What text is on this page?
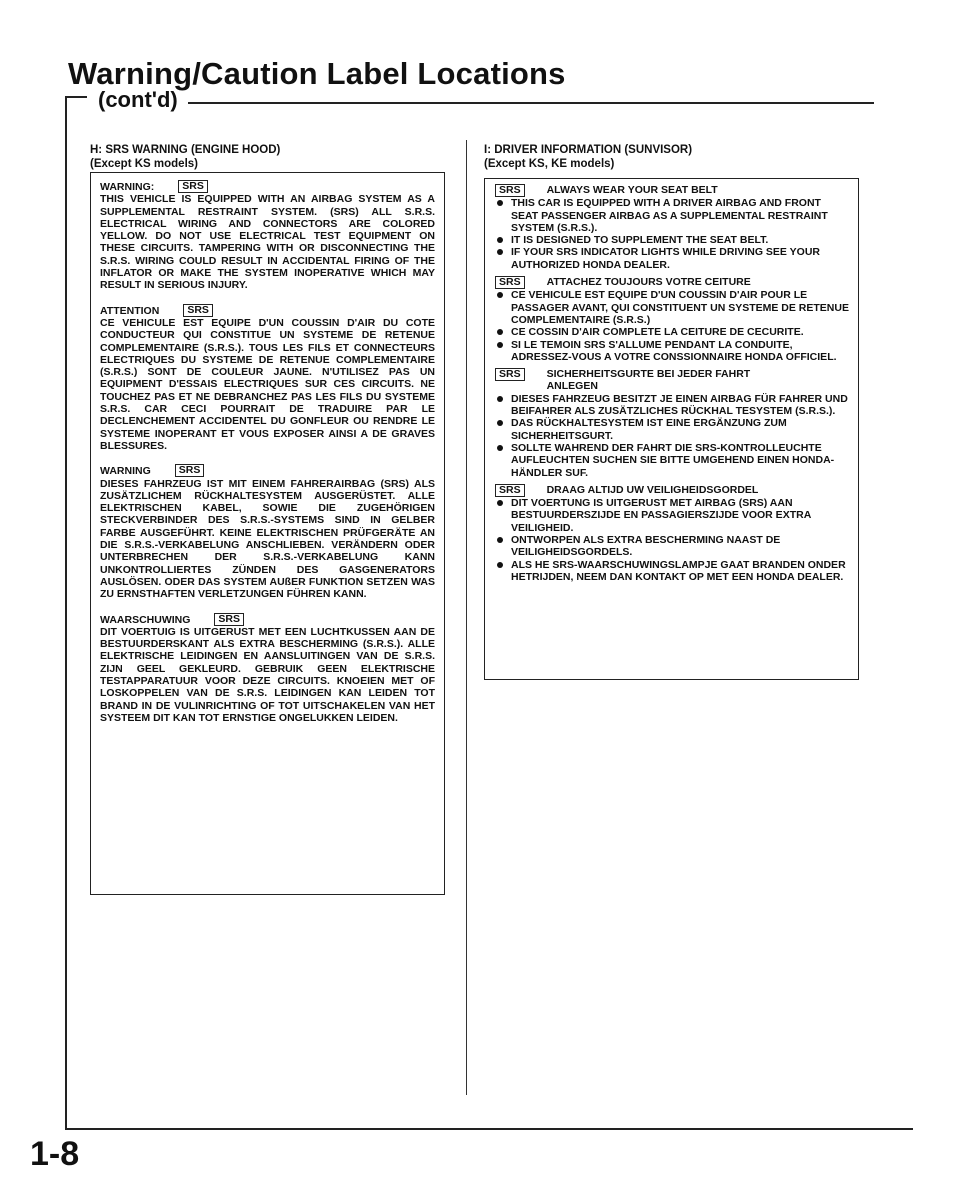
Warning/Caution Label Locations
(cont'd)
H: SRS WARNING (ENGINE HOOD)
(Except KS models)
WARNING:	SRS
THIS VEHICLE IS EQUIPPED WITH AN AIRBAG SYSTEM AS A SUPPLEMENTAL RESTRAINT SYSTEM. (SRS) ALL S.R.S. ELECTRICAL WIRING AND CONNECTORS ARE COLORED YELLOW. DO NOT USE ELECTRICAL TEST EQUIPMENT ON THESE CIRCUITS. TAMPERING WITH OR DISCONNECTING THE S.R.S. WIRING COULD RESULT IN ACCIDENTAL FIRING OF THE INFLATOR OR MAKE THE SYSTEM INOPERATIVE WHICH MAY RESULT IN SERIOUS INJURY.
ATTENTION	SRS
CE VEHICULE EST EQUIPE D'UN COUSSIN D'AIR DU COTE CONDUCTEUR QUI CONSTITUE UN SYSTEME DE RETENUE COMPLEMENTAIRE (S.R.S.). TOUS LES FILS ET CONNECTEURS ELECTRIQUES DU SYSTEME DE RETENUE COMPLEMENTAIRE (S.R.S.) SONT DE COULEUR JAUNE. N'UTILISEZ PAS UN EQUIPMENT D'ESSAIS ELECTRIQUES SUR CES CIRCUITS. NE TOUCHEZ PAS ET NE DEBRANCHEZ PAS LES FILS DU SYSTEME S.R.S. CAR CECI POURRAIT DE TRADUIRE PAR LE DECLENCHEMENT ACCIDENTEL DU GONFLEUR OU RENDRE LE SYSTEME INOPERANT ET VOUS EXPOSER AINSI A DE GRAVES BLESSURES.
WARNING	SRS
DIESES FAHRZEUG IST MIT EINEM FAHRERAIRBAG (SRS) ALS ZUSÄTZLICHEM RÜCKHALTESYSTEM AUSGERÜSTET. ALLE ELEKTRISCHEN KABEL, SOWIE DIE ZUGEHÖRIGEN STECKVERBINDER DES S.R.S.-SYSTEMS SIND IN GELBER FARBE AUSGEFÜHRT. KEINE ELEKTRISCHEN PRÜFGERÄTE AN DIE S.R.S.-VERKABELUNG ANSCHLIEBEN. VERÄNDERN ODER UNTERBRECHEN DER S.R.S.-VERKABELUNG KANN UNKONTROLLIERTES ZÜNDEN DES GASGENERATORS AUSLÖSEN. ODER DAS SYSTEM AUßER FUNKTION SETZEN WAS ZU ERNSTHAFTEN VERLETZUNGEN FÜHREN KANN.
WAARSCHUWING	SRS
DIT VOERTUIG IS UITGERUST MET EEN LUCHTKUSSEN AAN DE BESTUURDERSKANT ALS EXTRA BESCHERMING (S.R.S.). ALLE ELEKTRISCHE LEIDINGEN EN AANSLUITINGEN VAN DE S.R.S. ZIJN GEEL GEKLEURD. GEBRUIK GEEN ELEKTRISCHE TESTAPPARATUUR VOOR DEZE CIRCUITS. KNOEIEN MET OF LOSKOPPELEN VAN DE S.R.S. LEIDINGEN KAN LEIDEN TOT BRAND IN DE VULINRICHTING OF TOT UITSCHAKELEN VAN HET SYSTEEM DIT KAN TOT ERNSTIGE ONGELUKKEN LEIDEN.
I: DRIVER INFORMATION (SUNVISOR)
(Except KS, KE models)
SRS ALWAYS WEAR YOUR SEAT BELT
THIS CAR IS EQUIPPED WITH A DRIVER AIRBAG AND FRONT SEAT PASSENGER AIRBAG AS A SUPPLEMENTAL RESTRAINT SYSTEM (S.R.S.).
IT IS DESIGNED TO SUPPLEMENT THE SEAT BELT.
IF YOUR SRS INDICATOR LIGHTS WHILE DRIVING SEE YOUR AUTHORIZED HONDA DEALER.
SRS ATTACHEZ TOUJOURS VOTRE CEITURE
CE VEHICULE EST EQUIPE D'UN COUSSIN D'AIR POUR LE PASSAGER AVANT, QUI CONSTITUENT UN SYSTEME DE RETENUE COMPLEMENTAIRE (S.R.S.)
CE COSSIN D'AIR COMPLETE LA CEITURE DE CECURITE.
SI LE TEMOIN SRS S'ALLUME PENDANT LA CONDUITE, ADRESSEZ-VOUS A VOTRE CONSSIONNAIRE HONDA OFFICIEL.
SRS SICHERHEITSGURTE BEI JEDER FAHRT ANLEGEN
DIESES FAHRZEUG BESITZT JE EINEN AIRBAG FÜR FAHRER UND BEIFAHRER ALS ZUSÄTZLICHES RÜCKHAL TESYSTEM (S.R.S.).
DAS RÜCKHALTESYSTEM IST EINE ERGÄNZUNG ZUM SICHERHEITSGURT.
SOLLTE WAHREND DER FAHRT DIE SRS-KONTROLLEUCHTE AUFLEUCHTEN SUCHEN SIE BITTE UMGEHEND EINEN HONDA-HÄNDLER SUF.
SRS DRAAG ALTIJD UW VEILIGHEIDSGORDEL
DIT VOERTUNG IS UITGERUST MET AIRBAG (SRS) AAN BESTUURDERSZIJDE EN PASSAGIERSZIJDE VOOR EXTRA VEILIGHEID.
ONTWORPEN ALS EXTRA BESCHERMING NAAST DE VEILIGHEIDSGORDELS.
ALS HE SRS-WAARSCHUWINGSLAMPJE GAAT BRANDEN ONDER HETRIJDEN, NEEM DAN KONTAKT OP MET EEN HONDA DEALER.
1-8
